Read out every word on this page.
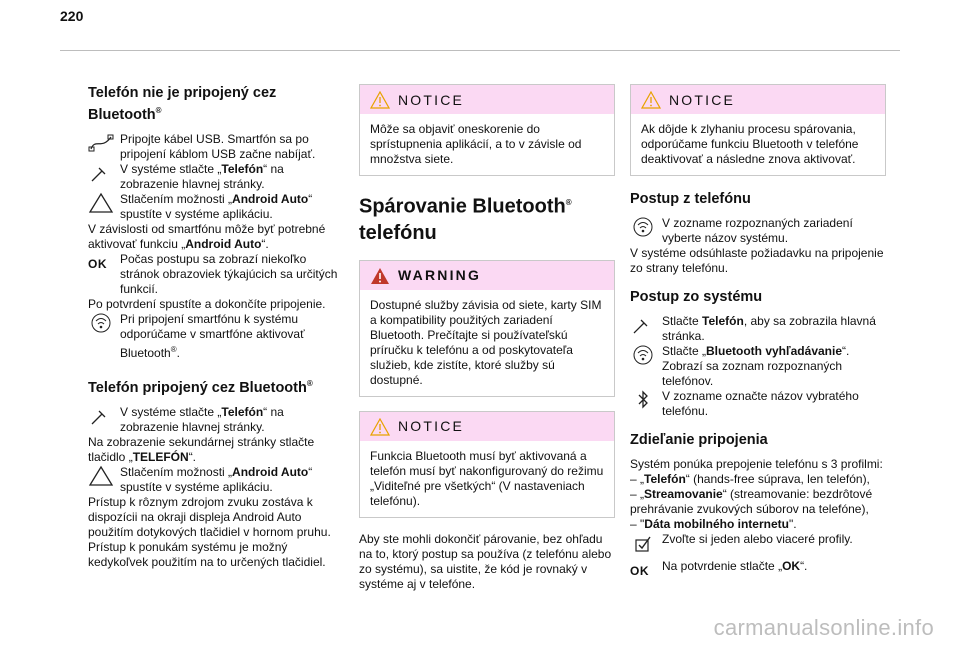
220
Telefón nie je pripojený cez Bluetooth®

Pripojte kábel USB. Smartfón sa po pripojení káblom USB začne nabíjať.

V systéme stlačte „Telefón“ na zobrazenie hlavnej stránky.

Stlačením možnosti „Android Auto“ spustíte v systéme aplikáciu.

V závislosti od smartfónu môže byť potrebné aktivovať funkciu „Android Auto“.

OK	Počas postupu sa zobrazí niekoľko stránok obrazoviek týkajúcich sa určitých funkcií.

Po potvrdení spustíte a dokončíte pripojenie.

Pri pripojení smartfónu k systému odporúčame v smartfóne aktivovať Bluetooth®.

Telefón pripojený cez Bluetooth®

V systéme stlačte „Telefón“ na zobrazenie hlavnej stránky.

Na zobrazenie sekundárnej stránky stlačte tlačidlo „TELEFÓN“.

Stlačením možnosti „Android Auto“ spustíte v systéme aplikáciu.

Prístup k rôznym zdrojom zvuku zostáva k dispozícii na okraji displeja Android Auto použitím dotykových tlačidiel v hornom pruhu.

Prístup k ponukám systému je možný kedykoľvek použitím na to určených tlačidiel.

NOTICE
Môže sa objaviť oneskorenie do sprístupnenia aplikácií, a to v závisle od množstva siete.
Spárovanie Bluetooth®
telefónu
WARNING
Dostupné služby závisia od siete, karty SIM a kompatibility použitých zariadení Bluetooth. Prečítajte si používateľskú príručku k telefónu a od poskytovateľa služieb, kde zistíte, ktoré služby sú dostupné.
NOTICE
Funkcia Bluetooth musí byť aktivovaná a telefón musí byť nakonfigurovaný do režimu „Viditeľné pre všetkých“ (V nastaveniach telefónu).

Aby ste mohli dokončiť párovanie, bez ohľadu na to, ktorý postup sa používa (z telefónu alebo zo systému), sa uistite, že kód je rovnaký v systéme aj v telefóne.

NOTICE
Ak dôjde k zlyhaniu procesu spárovania, odporúčame funkciu Bluetooth v telefóne deaktivovať a následne znova aktivovať.
Postup z telefónu

V zozname rozpoznaných zariadení vyberte názov systému.

V systéme odsúhlaste požiadavku na pripojenie zo strany telefónu.

Postup zo systému

Stlačte Telefón, aby sa zobrazila hlavná stránka.

Stlačte „Bluetooth vyhľadávanie“. Zobrazí sa zoznam rozpoznaných telefónov.

V zozname označte názov vybratého telefónu.

Zdieľanie pripojenia

Systém ponúka prepojenie telefónu s 3 profilmi:

– „Telefón“ (hands-free súprava, len telefón),

– „Streamovanie“ (streamovanie: bezdrôtové prehrávanie zvukových súborov na telefóne),

– "Dáta mobilného internetu".

Zvoľte si jeden alebo viaceré profily.

OK	Na potvrdenie stlačte „OK“.

carmanualsonline.info
